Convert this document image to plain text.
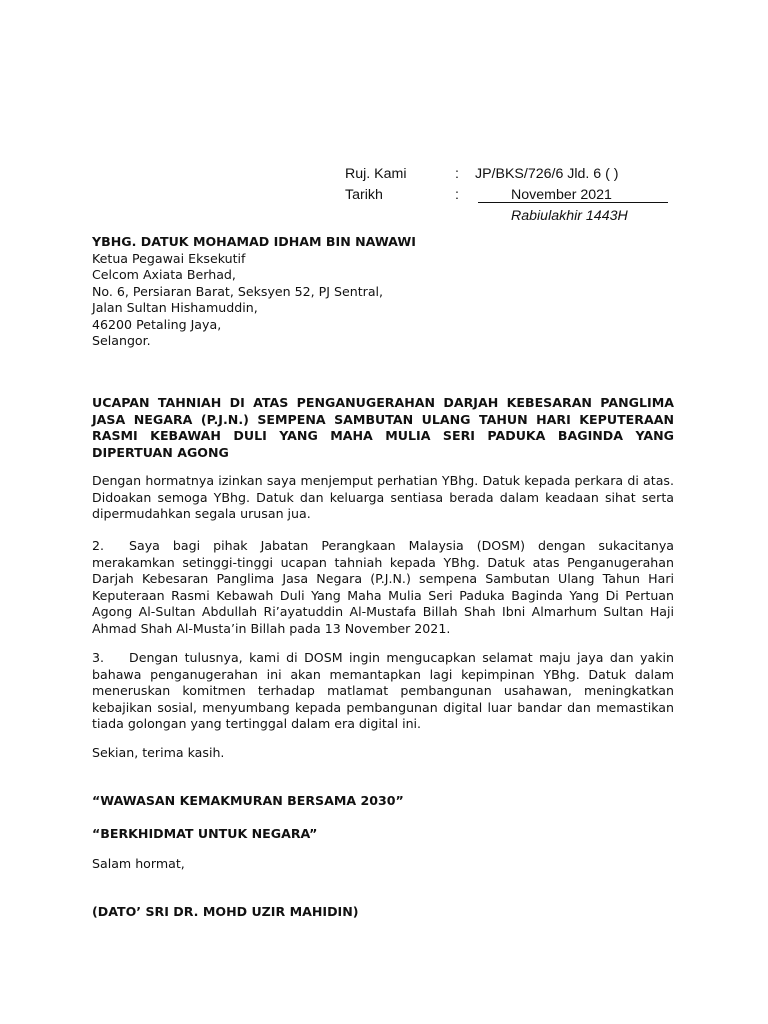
Ruj. Kami	: JP/BKS/726/6 Jld. 6 ( )
Tarikh	:	November 2021
Rabiulakhir 1443H
YBHG. DATUK MOHAMAD IDHAM BIN NAWAWI
Ketua Pegawai Eksekutif
Celcom Axiata Berhad,
No. 6, Persiaran Barat, Seksyen 52, PJ Sentral,
Jalan Sultan Hishamuddin,
46200 Petaling Jaya,
Selangor.
UCAPAN TAHNIAH DI ATAS PENGANUGERAHAN DARJAH KEBESARAN PANGLIMA
JASA NEGARA (P.J.N.) SEMPENA SAMBUTAN ULANG TAHUN HARI KEPUTERAAN
RASMI KEBAWAH DULI YANG MAHA MULIA SERI PADUKA BAGINDA YANG
DIPERTUAN AGONG
Dengan hormatnya izinkan saya menjemput perhatian YBhg. Datuk kepada perkara di atas.
Didoakan semoga YBhg. Datuk dan keluarga sentiasa berada dalam keadaan sihat serta
dipermudahkan segala urusan jua.
2. Saya bagi pihak Jabatan Perangkaan Malaysia (DOSM) dengan sukacitanya
merakamkan setinggi-tinggi ucapan tahniah kepada YBhg. Datuk atas Penganugerahan
Darjah Kebesaran Panglima Jasa Negara (P.J.N.) sempena Sambutan Ulang Tahun Hari
Keputeraan Rasmi Kebawah Duli Yang Maha Mulia Seri Paduka Baginda Yang Di Pertuan
Agong Al-Sultan Abdullah Ri’ayatuddin Al-Mustafa Billah Shah Ibni Almarhum Sultan Haji
Ahmad Shah Al-Musta’in Billah pada 13 November 2021.
3. Dengan tulusnya, kami di DOSM ingin mengucapkan selamat maju jaya dan yakin
bahawa penganugerahan ini akan memantapkan lagi kepimpinan YBhg. Datuk dalam
meneruskan komitmen terhadap matlamat pembangunan usahawan, meningkatkan
kebajikan sosial, menyumbang kepada pembangunan digital luar bandar dan memastikan
tiada golongan yang tertinggal dalam era digital ini.
Sekian, terima kasih.
“WAWASAN KEMAKMURAN BERSAMA 2030”
“BERKHIDMAT UNTUK NEGARA”
Salam hormat,
(DATO’ SRI DR. MOHD UZIR MAHIDIN)
